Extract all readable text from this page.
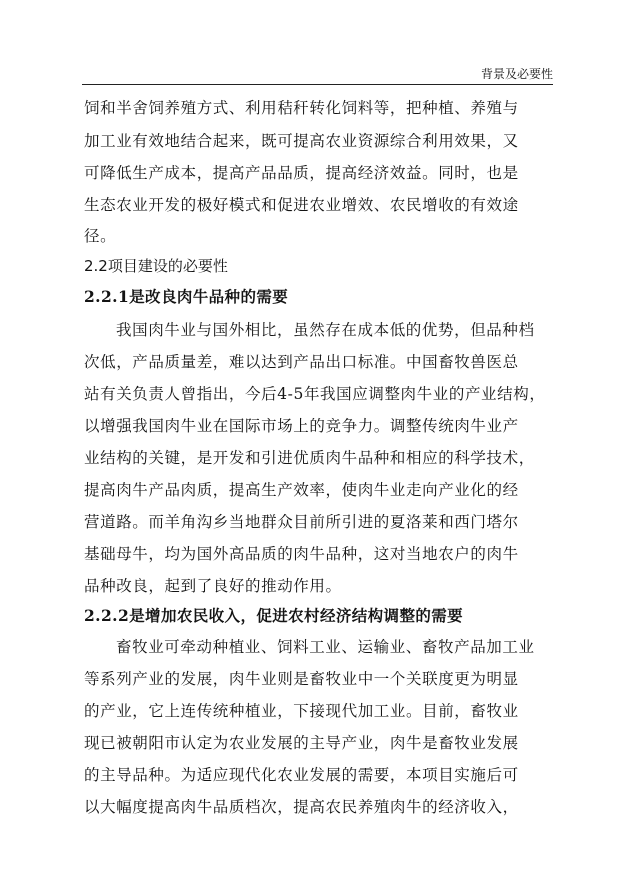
背景及必要性
饲和半舍饲养殖方式、利用秸秆转化饲料等，把种植、养殖与
加工业有效地结合起来，既可提高农业资源综合利用效果，又
可降低生产成本，提高产品品质，提高经济效益。同时，也是
生态农业开发的极好模式和促进农业增效、农民增收的有效途
径。
2.2项目建设的必要性
2.2.1是改良肉牛品种的需要
我国肉牛业与国外相比，虽然存在成本低的优势，但品种档
次低，产品质量差，难以达到产品出口标准。中国畜牧兽医总
站有关负责人曾指出，今后4-5年我国应调整肉牛业的产业结构，
以增强我国肉牛业在国际市场上的竞争力。调整传统肉牛业产
业结构的关键，是开发和引进优质肉牛品种和相应的科学技术，
提高肉牛产品肉质，提高生产效率，使肉牛业走向产业化的经
营道路。而羊角沟乡当地群众目前所引进的夏洛莱和西门塔尔
基础母牛，均为国外高品质的肉牛品种，这对当地农户的肉牛
品种改良，起到了良好的推动作用。
2.2.2是增加农民收入，促进农村经济结构调整的需要
畜牧业可牵动种植业、饲料工业、运输业、畜牧产品加工业
等系列产业的发展，肉牛业则是畜牧业中一个关联度更为明显
的产业，它上连传统种植业，下接现代加工业。目前，畜牧业
现已被朝阳市认定为农业发展的主导产业，肉牛是畜牧业发展
的主导品种。为适应现代化农业发展的需要，本项目实施后可
以大幅度提高肉牛品质档次，提高农民养殖肉牛的经济收入，
